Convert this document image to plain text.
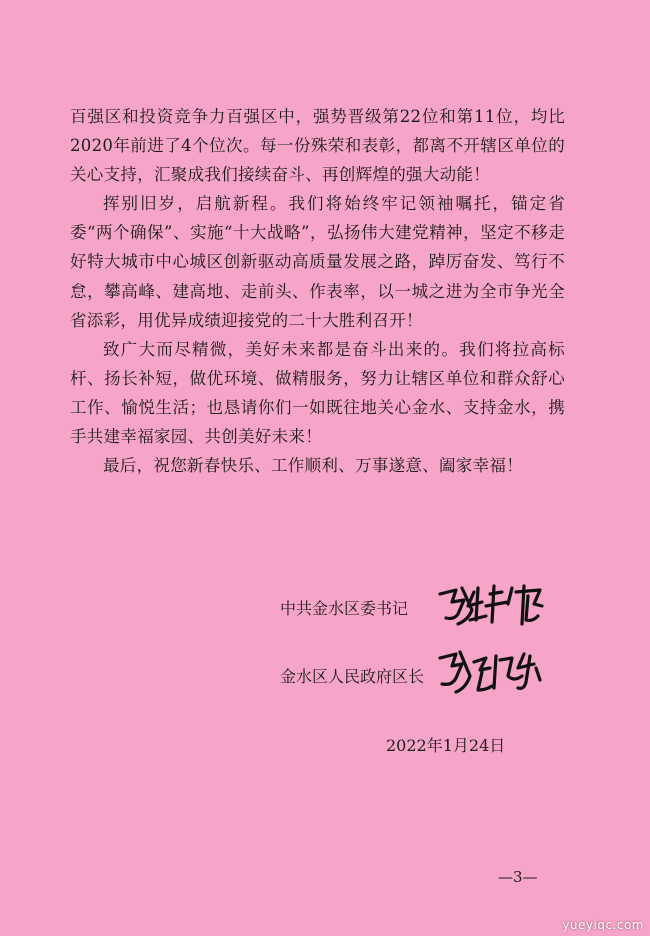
百强区和投资竞争力百强区中，强势晋级第22位和第11位，均比2020年前进了4个位次。每一份殊荣和表彰，都离不开辖区单位的关心支持，汇聚成我们接续奋斗、再创辉煌的强大动能！

挥别旧岁，启航新程。我们将始终牢记领袖嘱托，锚定省委“两个确保”、实施“十大战略”，弘扬伟大建党精神，坚定不移走好特大城市中心城区创新驱动高质量发展之路，踔厉奋发、笃行不怠，攀高峰、建高地、走前头、作表率，以一城之进为全市争光全省添彩，用优异成绩迎接党的二十大胜利召开！

致广大而尽精微，美好未来都是奋斗出来的。我们将拉高标杆、扬长补短，做优环境、做精服务，努力让辖区单位和群众舒心工作、愉悦生活；也恳请你们一如既往地关心金水、支持金水，携手共建幸福家园、共创美好未来！

最后，祝您新春快乐、工作顺利、万事遂意、阖家幸福！

中共金水区委书记
金水区人民政府区长
2022年1月24日
—3—
yueyiqc.com
